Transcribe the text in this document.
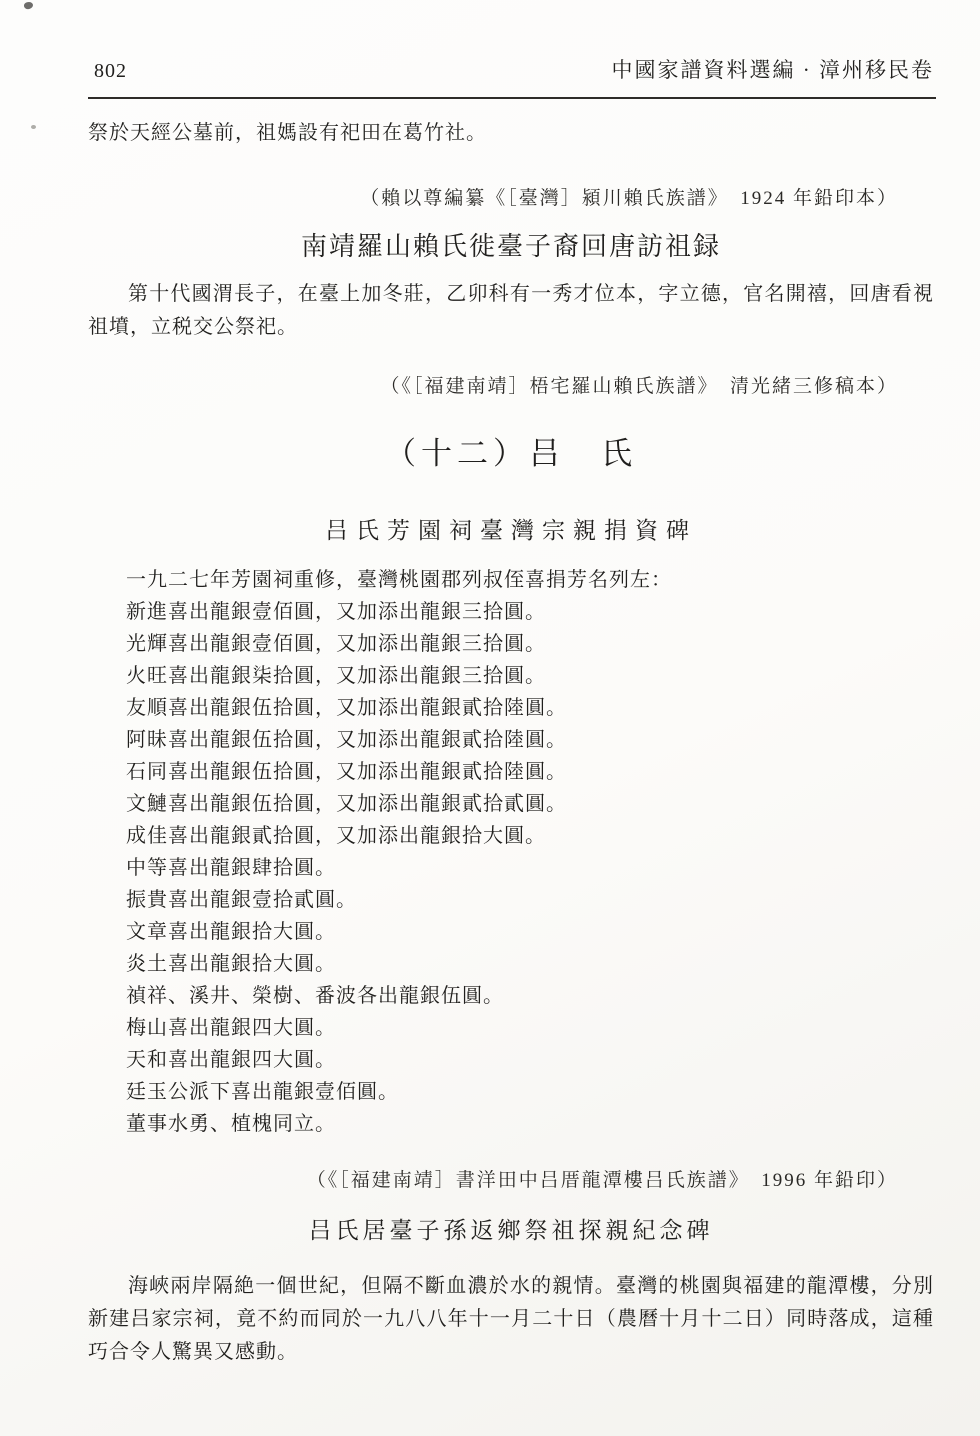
802	中國家譜資料選編 · 漳州移民卷

祭於天經公墓前，祖媽設有祀田在葛竹社。

（賴以尊編纂《［臺灣］潁川賴氏族譜》　1924 年鉛印本）

南靖羅山賴氏徙臺子裔回唐訪祖録

第十代國渭長子，在臺上加冬莊，乙卯科有一秀才位本，字立德，官名開禧，回唐看視祖墳，立税交公祭祀。

（《［福建南靖］梧宅羅山賴氏族譜》　清光緒三修稿本）

（十二）吕　氏
吕氏芳園祠臺灣宗親捐資碑

一九二七年芳園祠重修，臺灣桃園郡列叔侄喜捐芳名列左：

新進喜出龍銀壹佰圓，又加添出龍銀三拾圓。

光輝喜出龍銀壹佰圓，又加添出龍銀三拾圓。

火旺喜出龍銀柒拾圓，又加添出龍銀三拾圓。

友順喜出龍銀伍拾圓，又加添出龍銀貳拾陸圓。

阿昧喜出龍銀伍拾圓，又加添出龍銀貳拾陸圓。

石同喜出龍銀伍拾圓，又加添出龍銀貳拾陸圓。

文鰱喜出龍銀伍拾圓，又加添出龍銀貳拾貳圓。

成佳喜出龍銀貳拾圓，又加添出龍銀拾大圓。

中等喜出龍銀肆拾圓。

振貴喜出龍銀壹拾貳圓。

文章喜出龍銀拾大圓。

炎土喜出龍銀拾大圓。

禎祥、溪井、榮樹、番波各出龍銀伍圓。

梅山喜出龍銀四大圓。

天和喜出龍銀四大圓。

廷玉公派下喜出龍銀壹佰圓。

董事水勇、植槐同立。

（《［福建南靖］書洋田中吕厝龍潭樓吕氏族譜》　1996 年鉛印）

吕氏居臺子孫返鄉祭祖探親紀念碑

海峽兩岸隔絶一個世紀，但隔不斷血濃於水的親情。臺灣的桃園與福建的龍潭樓，分別新建吕家宗祠，竟不約而同於一九八八年十一月二十日（農曆十月十二日）同時落成，這種巧合令人驚異又感動。
